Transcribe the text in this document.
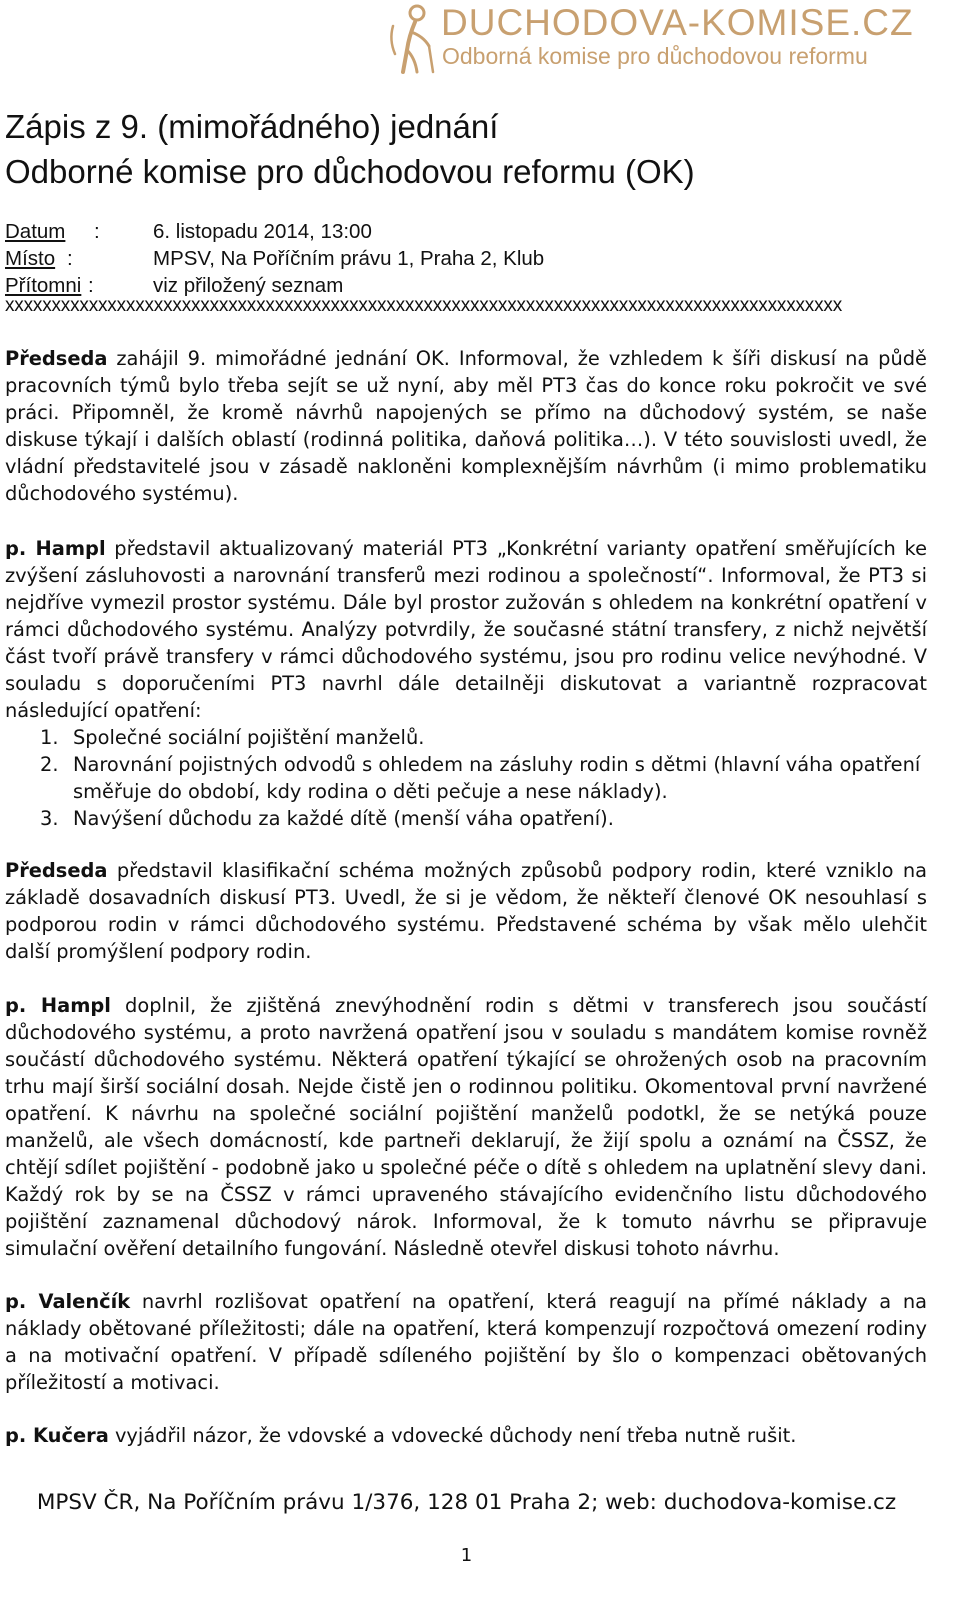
DUCHODOVA-KOMISE.CZ
Odborná komise pro důchodovou reformu
Zápis z 9. (mimořádného) jednání
Odborné komise pro důchodovou reformu (OK)
Datum	:	6. listopadu 2014, 13:00
Místo :	MPSV, Na Poříčním právu 1, Praha 2, Klub
Přítomni :	viz přiložený seznam
xxxxxxxxxxxxxxxxxxxxxxxxxxxxxxxxxxxxxxxxxxxxxxxxxxxxxxxxxxxxxxxxxxxxxxxxxxxxxxxxxxxxxxxxxx

Předseda zahájil 9. mimořádné jednání OK. Informoval, že vzhledem k šíři diskusí na půdě pracovních týmů bylo třeba sejít se už nyní, aby měl PT3 čas do konce roku pokročit ve své práci. Připomněl, že kromě návrhů napojených se přímo na důchodový systém, se naše diskuse týkají i dalších oblastí (rodinná politika, daňová politika…). V této souvislosti uvedl, že vládní představitelé jsou v zásadě nakloněni komplexnějším návrhům (i mimo problematiku důchodového systému).

p. Hampl představil aktualizovaný materiál PT3 „Konkrétní varianty opatření směřujících ke zvýšení zásluhovosti a narovnání transferů mezi rodinou a společností“. Informoval, že PT3 si nejdříve vymezil prostor systému. Dále byl prostor zužován s ohledem na konkrétní opatření v rámci důchodového systému. Analýzy potvrdily, že současné státní transfery, z nichž největší část tvoří právě transfery v rámci důchodového systému, jsou pro rodinu velice nevýhodné. V souladu s doporučeními PT3 navrhl dále detailněji diskutovat a variantně rozpracovat následující opatření:

1. Společné sociální pojištění manželů.
2. Narovnání pojistných odvodů s ohledem na zásluhy rodin s dětmi (hlavní váha opatření směřuje do období, kdy rodina o děti pečuje a nese náklady).
3. Navýšení důchodu za každé dítě (menší váha opatření).

Předseda představil klasifikační schéma možných způsobů podpory rodin, které vzniklo na základě dosavadních diskusí PT3. Uvedl, že si je vědom, že někteří členové OK nesouhlasí s podporou rodin v rámci důchodového systému. Představené schéma by však mělo ulehčit další promýšlení podpory rodin.

p. Hampl doplnil, že zjištěná znevýhodnění rodin s dětmi v transferech jsou součástí důchodového systému, a proto navržená opatření jsou v souladu s mandátem komise rovněž součástí důchodového systému. Některá opatření týkající se ohrožených osob na pracovním trhu mají širší sociální dosah. Nejde čistě jen o rodinnou politiku. Okomentoval první navržené opatření. K návrhu na společné sociální pojištění manželů podotkl, že se netýká pouze manželů, ale všech domácností, kde partneři deklarují, že žijí spolu a oznámí na ČSSZ, že chtějí sdílet pojištění - podobně jako u společné péče o dítě s ohledem na uplatnění slevy dani. Každý rok by se na ČSSZ v rámci upraveného stávajícího evidenčního listu důchodového pojištění zaznamenal důchodový nárok. Informoval, že k tomuto návrhu se připravuje simulační ověření detailního fungování. Následně otevřel diskusi tohoto návrhu.

p. Valenčík navrhl rozlišovat opatření na opatření, která reagují na přímé náklady a na náklady obětované příležitosti; dále na opatření, která kompenzují rozpočtová omezení rodiny a na motivační opatření. V případě sdíleného pojištění by šlo o kompenzaci obětovaných příležitostí a motivaci.

p. Kučera vyjádřil názor, že vdovské a vdovecké důchody není třeba nutně rušit.

MPSV ČR, Na Poříčním právu 1/376, 128 01 Praha 2; web: duchodova-komise.cz
1
